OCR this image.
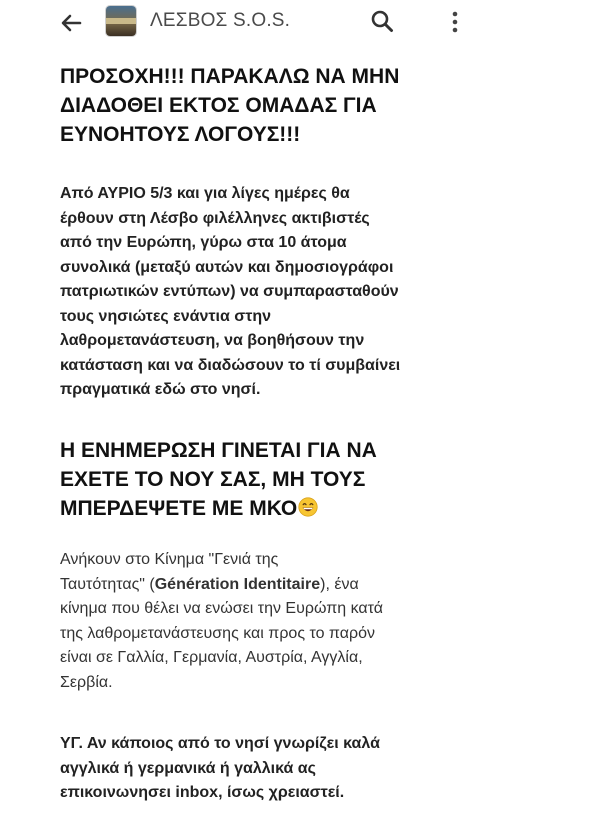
ΛΕΣΒΟΣ S.O.S.
ΠΡΟΣΟΧΗ!!! ΠΑΡΑΚΑΛΩ ΝΑ ΜΗΝ
ΔΙΑΔΟΘΕΙ ΕΚΤΟΣ ΟΜΑΔΑΣ ΓΙΑ
ΕΥΝΟΗΤΟΥΣ ΛΟΓΟΥΣ!!!

Από ΑΥΡΙΟ 5/3 και για λίγες ημέρες θα
έρθουν στη Λέσβο φιλέλληνες ακτιβιστές
από την Ευρώπη, γύρω στα 10 άτομα
συνολικά (μεταξύ αυτών και δημοσιογράφοι
πατριωτικών εντύπων) να συμπαρασταθούν
τους νησιώτες ενάντια στην
λαθρομετανάστευση, να βοηθήσουν την
κατάσταση και να διαδώσουν το τί συμβαίνει
πραγματικά εδώ στο νησί.

Η ΕΝΗΜΕΡΩΣΗ ΓΙΝΕΤΑΙ ΓΙΑ ΝΑ
ΕΧΕΤΕ ΤΟ ΝΟΥ ΣΑΣ, ΜΗ ΤΟΥΣ
ΜΠΕΡΔΕΨΕΤΕ ΜΕ ΜΚΟ

Ανήκουν στο Κίνημα "Γενιά της
Ταυτότητας" (Génération Identitaire), ένα
κίνημα που θέλει να ενώσει την Ευρώπη κατά
της λαθρομετανάστευσης και προς το παρόν
είναι σε Γαλλία, Γερμανία, Αυστρία, Αγγλία,
Σερβία.

ΥΓ. Αν κάποιος από το νησί γνωρίζει καλά
αγγλικά ή γερμανικά ή γαλλικά ας
επικοινωνησει inbox, ίσως χρειαστεί.
